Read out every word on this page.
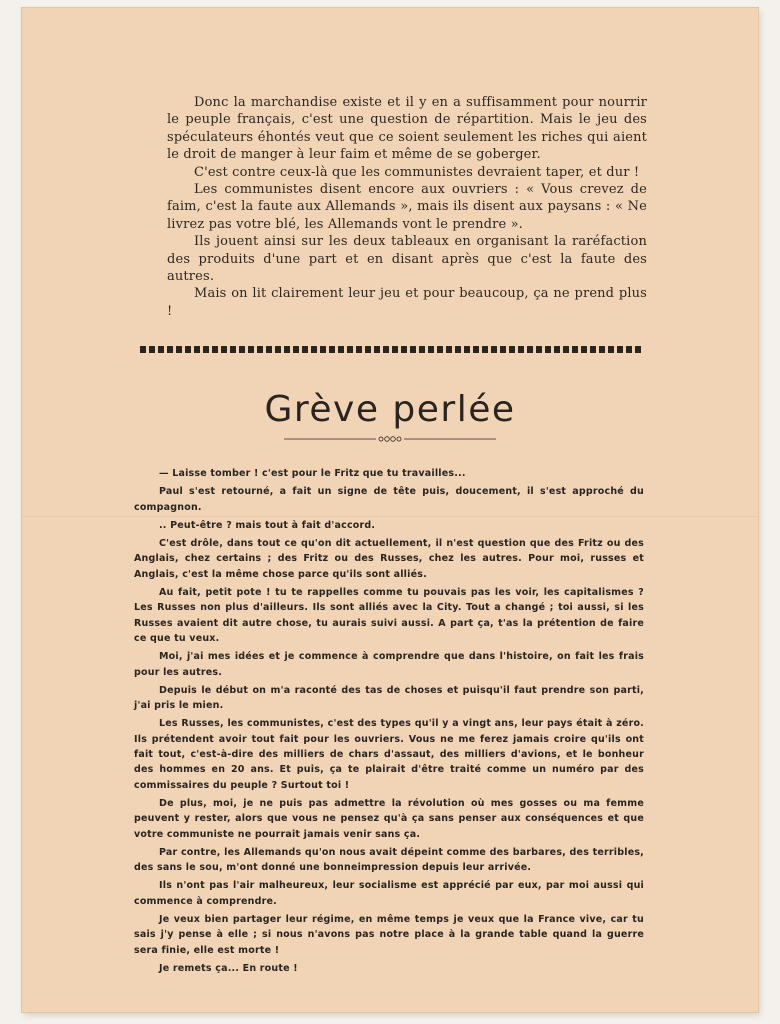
Donc la marchandise existe et il y en a suffisamment pour nourrir le peuple français, c'est une question de répartition. Mais le jeu des spéculateurs éhontés veut que ce soient seulement les riches qui aient le droit de manger à leur faim et même de se goberger.

C'est contre ceux-là que les communistes devraient taper, et dur !

Les communistes disent encore aux ouvriers : « Vous crevez de faim, c'est la faute aux Allemands », mais ils disent aux paysans : « Ne livrez pas votre blé, les Allemands vont le prendre ».

Ils jouent ainsi sur les deux tableaux en organisant la raréfaction des produits d'une part et en disant après que c'est la faute des autres.

Mais on lit clairement leur jeu et pour beaucoup, ça ne prend plus !

Grève perlée

— Laisse tomber ! c'est pour le Fritz que tu travailles...

Paul s'est retourné, a fait un signe de tête puis, doucement, il s'est approché du compagnon.

.. Peut-être ? mais tout à fait d'accord.

C'est drôle, dans tout ce qu'on dit actuellement, il n'est question que des Fritz ou des Anglais, chez certains ; des Fritz ou des Russes, chez les autres. Pour moi, russes et Anglais, c'est la même chose parce qu'ils sont alliés.

Au fait, petit pote ! tu te rappelles comme tu pouvais pas les voir, les capitalismes ? Les Russes non plus d'ailleurs. Ils sont alliés avec la City. Tout a changé ; toi aussi, si les Russes avaient dit autre chose, tu aurais suivi aussi. A part ça, t'as la prétention de faire ce que tu veux.

Moi, j'ai mes idées et je commence à comprendre que dans l'histoire, on fait les frais pour les autres.

Depuis le début on m'a raconté des tas de choses et puisqu'il faut prendre son parti, j'ai pris le mien.

Les Russes, les communistes, c'est des types qu'il y a vingt ans, leur pays était à zéro. Ils prétendent avoir tout fait pour les ouvriers. Vous ne me ferez jamais croire qu'ils ont fait tout, c'est-à-dire des milliers de chars d'assaut, des milliers d'avions, et le bonheur des hommes en 20 ans. Et puis, ça te plairait d'être traité comme un numéro par des commissaires du peuple ? Surtout toi !

De plus, moi, je ne puis pas admettre la révolution où mes gosses ou ma femme peuvent y rester, alors que vous ne pensez qu'à ça sans penser aux conséquences et que votre communiste ne pourrait jamais venir sans ça.

Par contre, les Allemands qu'on nous avait dépeint comme des barbares, des terribles, des sans le sou, m'ont donné une bonneimpression depuis leur arrivée.

Ils n'ont pas l'air malheureux, leur socialisme est apprécié par eux, par moi aussi qui commence à comprendre.

Je veux bien partager leur régime, en même temps je veux que la France vive, car tu sais j'y pense à elle ; si nous n'avons pas notre place à la grande table quand la guerre sera finie, elle est morte !

Je remets ça... En route !
